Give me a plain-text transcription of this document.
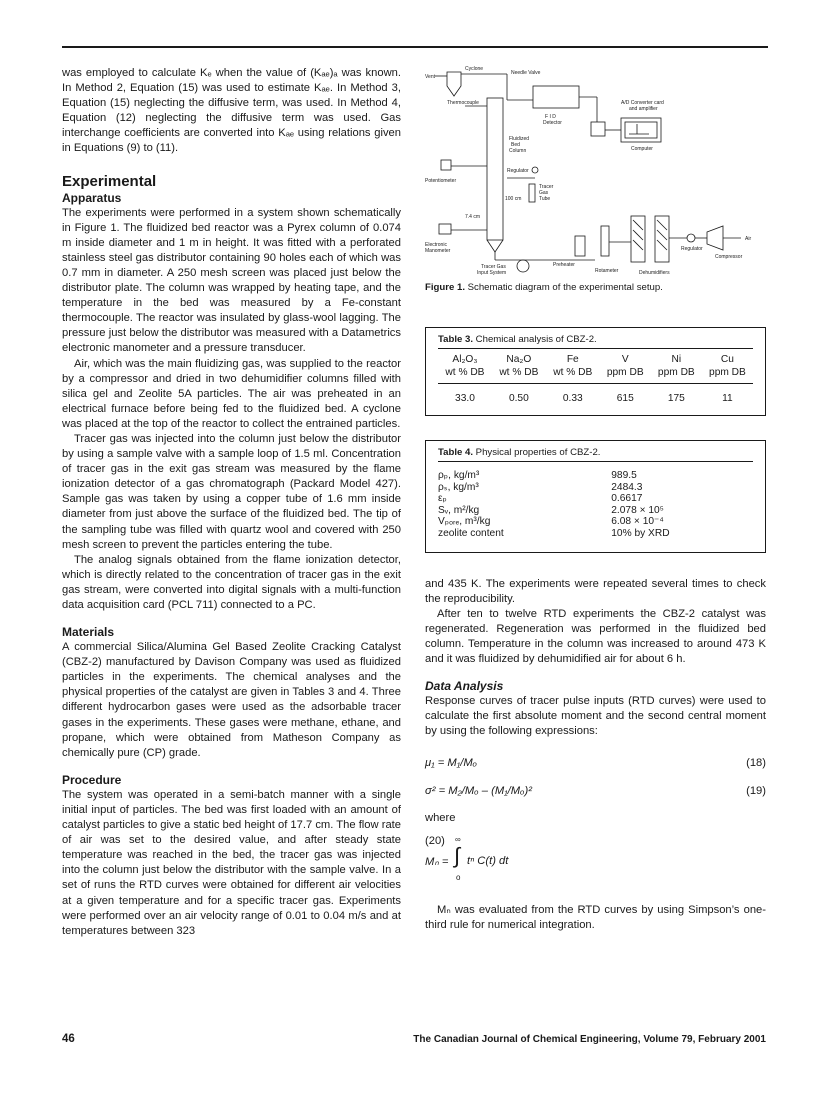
was employed to calculate Kₑ when the value of (Kₐₑ)ₐ was known. In Method 2, Equation (15) was used to estimate Kₐₑ. In Method 3, Equation (15) neglecting the diffusive term, was used. In Method 4, Equation (12) neglecting the diffusive term was used. Gas interchange coefficients are converted into Kₐₑ using relations given in Equations (9) to (11).

Experimental
Apparatus

The experiments were performed in a system shown schematically in Figure 1. The fluidized bed reactor was a Pyrex column of 0.074 m inside diameter and 1 m in height. It was fitted with a perforated stainless steel gas distributor containing 90 holes each of which was 0.7 mm in diameter. A 250 mesh screen was placed just below the distributor plate. The column was wrapped by heating tape, and the temperature in the bed was measured by a Fe-constant thermocouple. The reactor was insulated by glass-wool lagging. The pressure just below the distributor was measured with a Datametrics electronic manometer and a pressure transducer.

Air, which was the main fluidizing gas, was supplied to the reactor by a compressor and dried in two dehumidifier columns filled with silica gel and Zeolite 5A particles. The air was preheated in an electrical furnace before being fed to the fluidized bed. A cyclone was placed at the top of the reactor to collect the entrained particles.

Tracer gas was injected into the column just below the distributor by using a sample valve with a sample loop of 1.5 ml. Concentration of tracer gas in the exit gas stream was measured by the flame ionization detector of a gas chromatograph (Packard Model 427). Sample gas was taken by using a copper tube of 1.6 mm inside diameter from just above the surface of the fluidized bed. The tip of the sampling tube was filled with quartz wool and covered with 250 mesh screen to prevent the particles entering the tube.

The analog signals obtained from the flame ionization detector, which is directly related to the concentration of tracer gas in the exit gas stream, were converted into digital signals with a multi-function data acquisition card (PCL 711) connected to a PC.

Materials

A commercial Silica/Alumina Gel Based Zeolite Cracking Catalyst (CBZ-2) manufactured by Davison Company was used as fluidized particles in the experiments. The chemical analyses and the physical properties of the catalyst are given in Tables 3 and 4. Three different hydrocarbon gases were used as the adsorbable tracer gases in the experiments. These gases were methane, ethane, and propane, which were obtained from Matheson Company as chemically pure (CP) grade.

Procedure

The system was operated in a semi-batch manner with a single initial input of particles. The bed was first loaded with an amount of catalyst particles to give a static bed height of 17.7 cm. The flow rate of air was set to the desired value, and after steady state temperature was reached in the bed, the tracer gas was injected into the column just below the distributor with the sample valve. In a set of runs the RTD curves were obtained for different air velocities at a given temperature and for a specific tracer gas. Experiments were performed over an air velocity range of 0.01 to 0.04 m/s and at temperatures between 323

Vent
Cyclone
Needle Valve
F I D
Detector
A/D Converter card
and amplifier
Computer
Thermocouple
Fluidized
Bed
Column
Potentiometer
Regulator
Tracer
Gas
Tube
100 cm
7.4 cm
Electronic
Manometer
Preheater
Rotameter	Dehumidifiers
Regulator
Air
Compressor
Tracer Gas
Input System
Figure 1. Schematic diagram of the experimental setup.
Table 3. Chemical analysis of CBZ-2.
Al₂O₃	Na₂O	Fe	V	Ni	Cu
wt % DB	wt % DB	wt % DB	ppm DB	ppm DB	ppm DB
33.0	0.50	0.33	615	175	11
Table 4. Physical properties of CBZ-2.
ρₚ, kg/m³	989.5
ρₛ, kg/m³	2484.3
εₚ	0.6617
Sᵥ, m²/kg	2.078 × 10⁵
Vₚₒᵣₑ, m³/kg	6.08 × 10⁻⁴
zeolite content	10% by XRD

and 435 K. The experiments were repeated several times to check the reproducibility.

After ten to twelve RTD experiments the CBZ-2 catalyst was regenerated. Regeneration was performed in the fluidized bed column. Temperature in the column was increased to around 473 K and it was fluidized by dehumidified air for about 6 h.

Data Analysis

Response curves of tracer pulse inputs (RTD curves) were used to calculate the first absolute moment and the second central moment by using the following expressions:

μ₁ = M₁/Mₒ	(18)
σ² = M₂/Mₒ – (M₁/Mₒ)²	(19)

where

Mₙ =
∞
∫
o
tⁿ C(t) dt
(20)

Mₙ was evaluated from the RTD curves by using Simpson’s one-third rule for numerical integration.

46	The Canadian Journal of Chemical Engineering, Volume 79, February 2001
